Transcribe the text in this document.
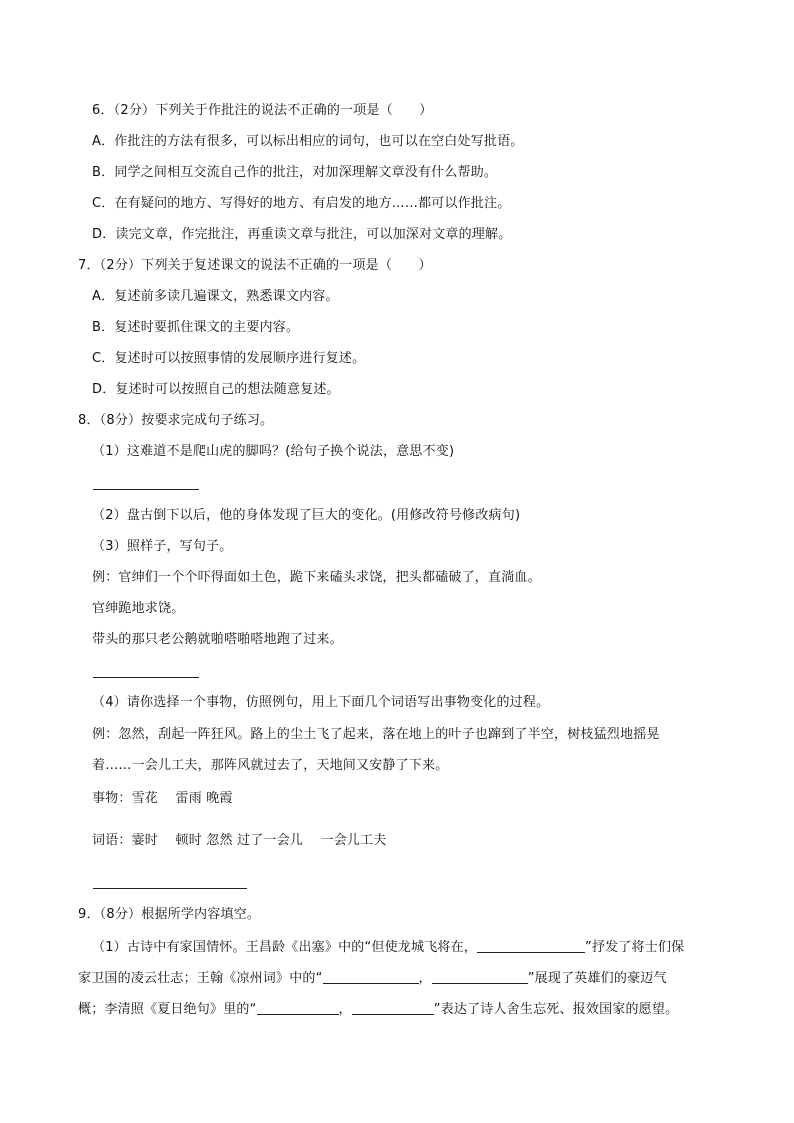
6．（2分）下列关于作批注的说法不正确的一项是（　　）
A．作批注的方法有很多，可以标出相应的词句，也可以在空白处写批语。
B．同学之间相互交流自己作的批注，对加深理解文章没有什么帮助。
C．在有疑问的地方、写得好的地方、有启发的地方……都可以作批注。
D．读完文章，作完批注，再重读文章与批注，可以加深对文章的理解。
7．（2分）下列关于复述课文的说法不正确的一项是（　　）
A．复述前多读几遍课文，熟悉课文内容。
B．复述时要抓住课文的主要内容。
C．复述时可以按照事情的发展顺序进行复述。
D．复述时可以按照自己的想法随意复述。
8．（8分）按要求完成句子练习。
（1）这难道不是爬山虎的脚吗？(给句子换个说法，意思不变)
（2）盘古倒下以后，他的身体发现了巨大的变化。(用修改符号修改病句)
（3）照样子，写句子。
例：官绅们一个个吓得面如土色，跪下来磕头求饶，把头都磕破了，直淌血。
官绅跪地求饶。
带头的那只老公鹅就啪嗒啪嗒地跑了过来。
（4）请你选择一个事物，仿照例句，用上下面几个词语写出事物变化的过程。
例：忽然，刮起一阵狂风。路上的尘土飞了起来，落在地上的叶子也蹿到了半空，树枝猛烈地摇晃
着……一会儿工夫，那阵风就过去了，天地间又安静了下来。
事物：雪花　 雷雨 晚霞
词语：霎时　 顿时 忽然 过了一会儿　 一会儿工夫
9．（8分）根据所学内容填空。
（1）古诗中有家国情怀。王昌龄《出塞》中的“但使龙城飞将在，	”抒发了将士们保
家卫国的凌云壮志；王翰《凉州词》中的“	，	”展现了英雄们的豪迈气
概；李清照《夏日绝句》里的“	，	”表达了诗人舍生忘死、报效国家的愿望。
